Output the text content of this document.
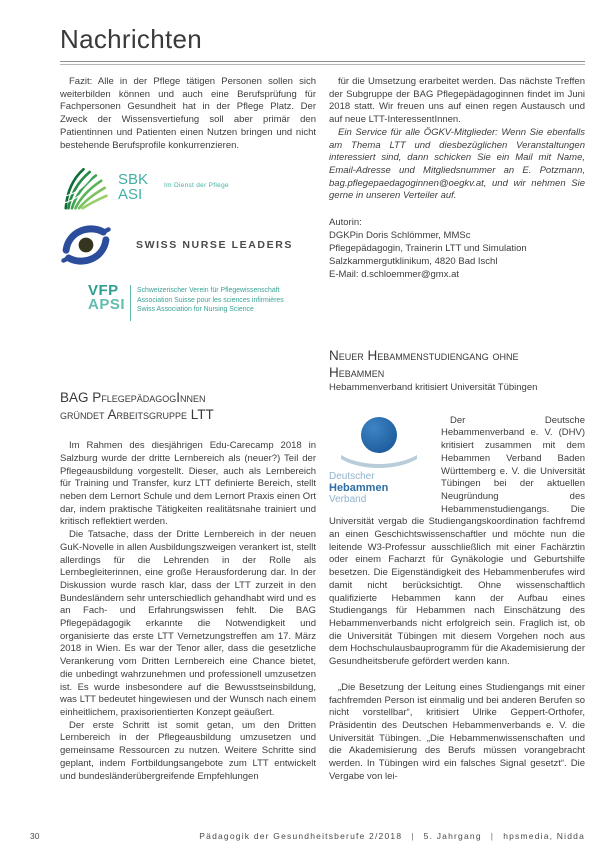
Nachrichten

Fazit: Alle in der Pflege tätigen Personen sollen sich weiterbilden können und auch eine Berufsprüfung für Fachpersonen Gesundheit hat in der Pflege Platz. Der Zweck der Wissensvertiefung soll aber primär den Patientinnen und Patienten einen Nutzen bringen und nicht bestehende Berufsprofile konkurrenzieren.

SBK
ASI
Im Dienst der Pflege
SWISS NURSE LEADERS
VFP
APSI
Schweizerischer Verein für Pflegewissenschaft
Association Suisse pour les sciences infirmières
Swiss Association for Nursing Science
BAG PflegepädagogInnen
gründet Arbeitsgruppe LTT

Im Rahmen des diesjährigen Edu-Carecamp 2018 in Salzburg wurde der dritte Lernbereich als (neuer?) Teil der Pflegeausbildung vorgestellt. Dieser, auch als Lernbereich für Training und Transfer, kurz LTT definierte Bereich, stellt neben dem Lernort Schule und dem Lernort Praxis einen Ort dar, indem praktische Tätigkeiten realitätsnahe trainiert und kritisch reflektiert werden.

Die Tatsache, dass der Dritte Lernbereich in der neuen GuK-Novelle in allen Ausbildungszweigen verankert ist, stellt allerdings für die Lehrenden in der Rolle als Lernbegleiterinnen, eine große Herausforderung dar. In der Diskussion wurde rasch klar, dass der LTT zurzeit in den Bundesländern sehr unterschiedlich gehandhabt wird und es an Fach- und Erfahrungswissen fehlt. Die BAG Pflegepädagogik erkannte die Notwendigkeit und organisierte das erste LTT Vernetzungstreffen am 17. März 2018 in Wien. Es war der Tenor aller, dass die gesetzliche Verankerung vom Dritten Lernbereich eine Chance bietet, die unbedingt wahrzunehmen und professionell umzusetzen ist. Es wurde insbesondere auf die Bewusstseinsbildung, was LTT bedeutet hingewiesen und der Wunsch nach einem einheitlichem, praxisorientierten Konzept geäußert.

Der erste Schritt ist somit getan, um den Dritten Lernbereich in der Pflegeausbildung umzusetzen und gemeinsame Ressourcen zu nutzen. Weitere Schritte sind geplant, indem Fortbildungsangebote zum LTT entwickelt und bundesländerübergreifende Empfehlungen

für die Umsetzung erarbeitet werden. Das nächste Treffen der Subgruppe der BAG Pflegepädagoginnen findet im Juni 2018 statt. Wir freuen uns auf einen regen Austausch und auf neue LTT-InteressentInnen.

Ein Service für alle ÖGKV-Mitglieder: Wenn Sie ebenfalls am Thema LTT und diesbezüglichen Veranstaltungen interessiert sind, dann schicken Sie ein Mail mit Name, Email-Adresse und Mitgliedsnummer an E. Potzmann, bag.pflegepaedagoginnen@oegkv.at, und wir nehmen Sie gerne in unseren Verteiler auf.

Autorin:
DGKPin Doris Schlömmer, MMSc
Pflegepädagogin, Trainerin LTT und Simulation
Salzkammergutklinikum, 4820 Bad Ischl
E-Mail: d.schloemmer@gmx.at
Neuer Hebammenstudiengang ohne
Hebammen
Hebammenverband kritisiert Universität Tübingen
Deutscher
Hebammen
Verband

Der Deutsche Hebammenverband e. V. (DHV) kritisiert zusammen mit dem Hebammen Verband Baden Württemberg e. V. die Universität Tübingen bei der aktuellen Neugründung des Hebammenstudiengangs. Die Universität vergab die Studiengangskoordination fachfremd an einen Geschichtswissenschaftler und möchte nun die leitende W3-Professur ausschließlich mit einer Fachärztin oder einem Facharzt für Gynäkologie und Geburtshilfe besetzen. Die Eigenständigkeit des Hebammenberufes wird damit nicht berücksichtigt. Ohne wissenschaftlich qualifizierte Hebammen kann der Aufbau eines Studiengangs für Hebammen nach Einschätzung des Hebammenverbands nicht erfolgreich sein. Fraglich ist, ob die Universität Tübingen mit diesem Vorgehen noch aus dem Hochschulausbauprogramm für die Akademisierung der Gesundheitsberufe gefördert werden kann.

„Die Besetzung der Leitung eines Studiengangs mit einer fachfremden Person ist einmalig und bei anderen Berufen so nicht vorstellbar“, kritisiert Ulrike Geppert-Orthofer, Präsidentin des Deutschen Hebammenverbands e. V. die Universität Tübingen. „Die Hebammenwissenschaften und die Akademisierung des Berufs müssen vorangebracht werden. In Tübingen wird ein falsches Signal gesetzt“. Die Vergabe von lei-

30	Pädagogik der Gesundheitsberufe 2/2018 | 5. Jahrgang | hpsmedia, Nidda
